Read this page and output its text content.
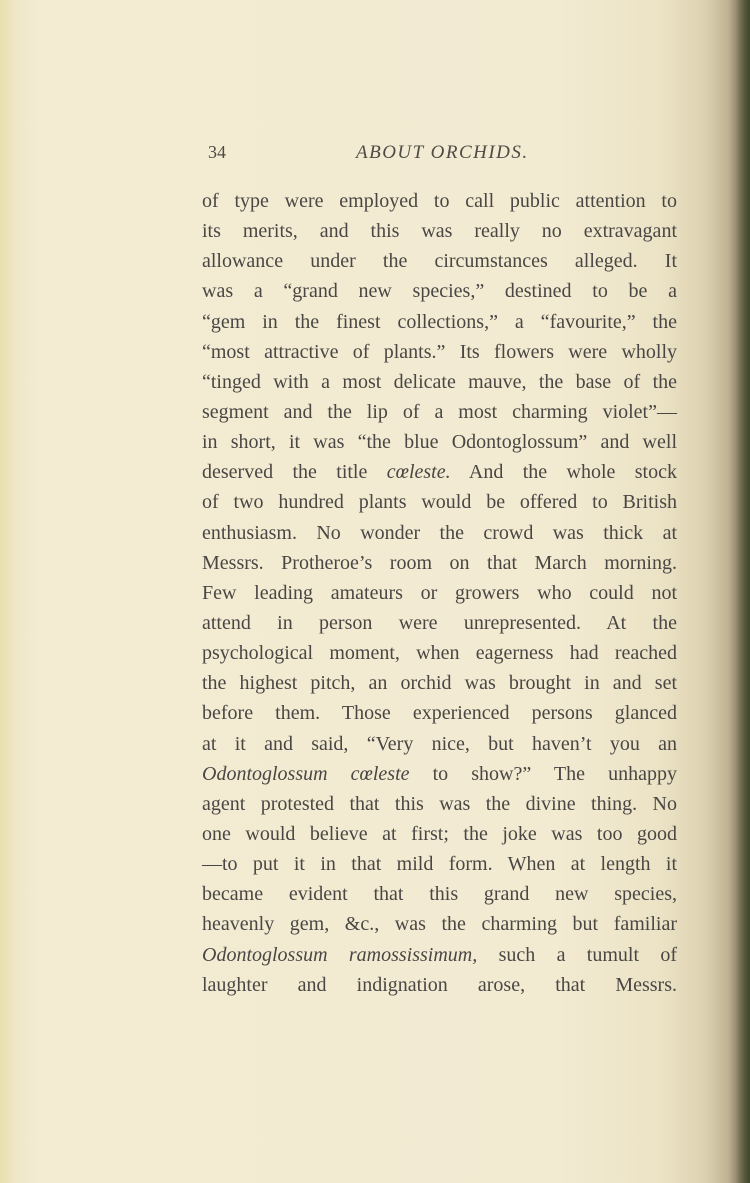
34	ABOUT ORCHIDS.
of type were employed to call public attention to
its merits, and this was really no extravagant
allowance under the circumstances alleged. It
was a “grand new species,” destined to be a
“gem in the finest collections,” a “favourite,” the
“most attractive of plants.” Its flowers were wholly
“tinged with a most delicate mauve, the base of the
segment and the lip of a most charming violet”—
in short, it was “the blue Odontoglossum” and well
deserved the title cœleste. And the whole stock
of two hundred plants would be offered to British
enthusiasm. No wonder the crowd was thick at
Messrs. Protheroe’s room on that March morning.
Few leading amateurs or growers who could not
attend in person were unrepresented. At the
psychological moment, when eagerness had reached
the highest pitch, an orchid was brought in and set
before them. Those experienced persons glanced
at it and said, “Very nice, but haven’t you an
Odontoglossum cœleste to show?” The unhappy
agent protested that this was the divine thing. No
one would believe at first; the joke was too good
—to put it in that mild form. When at length it
became evident that this grand new species,
heavenly gem, &c., was the charming but familiar
Odontoglossum ramossissimum, such a tumult of
laughter and indignation arose, that Messrs.
